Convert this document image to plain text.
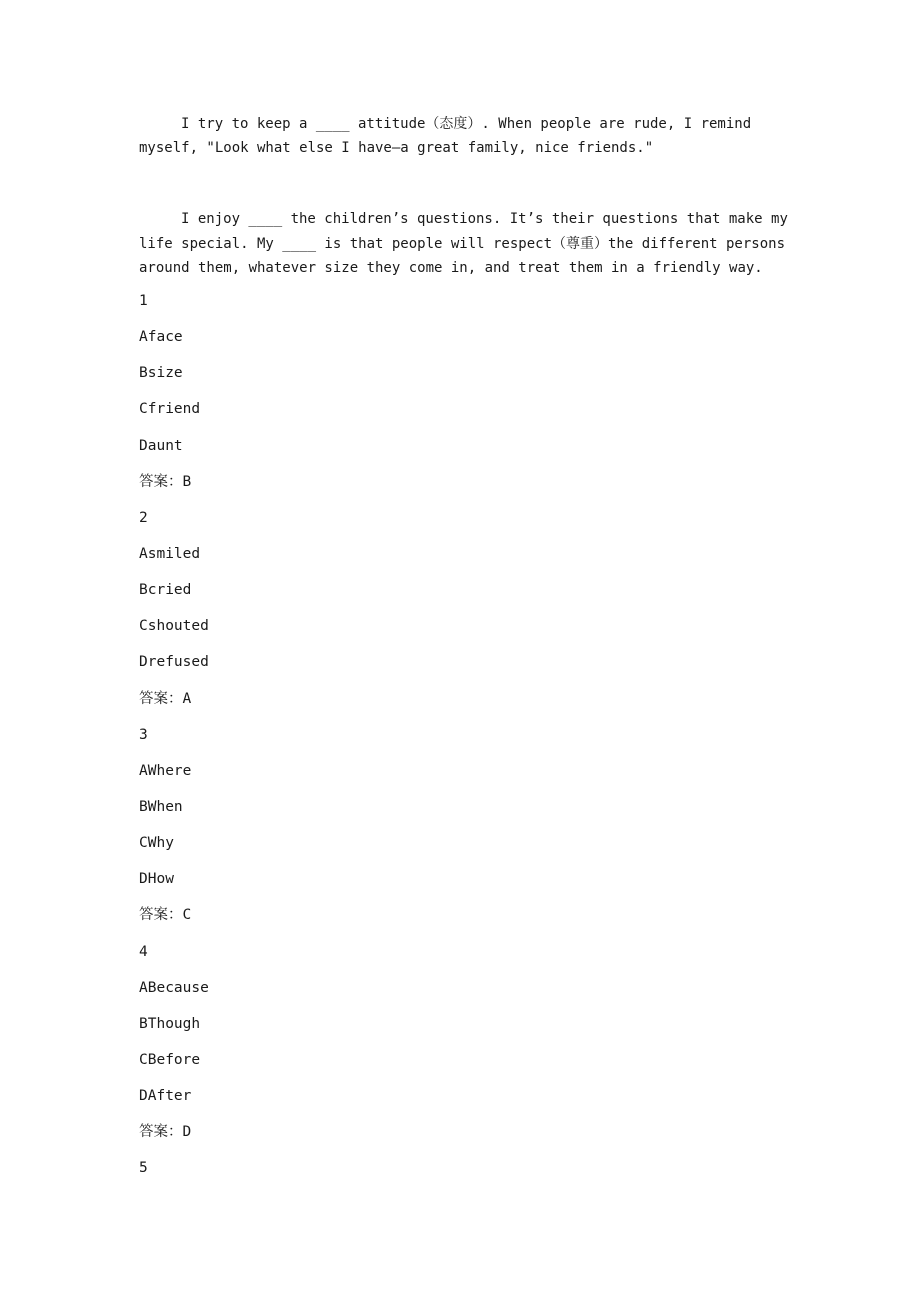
I try to keep a ____ attitude（态度）. When people are rude, I remind myself, "Look what else I have—a great family, nice friends."

I enjoy ____ the children’s questions. It’s their questions that make my life special. My ____ is that people will respect（尊重）the different persons around them, whatever size they come in, and treat them in a friendly way.

1
Aface
Bsize
Cfriend
Daunt
答案：B
2
Asmiled
Bcried
Cshouted
Drefused
答案：A
3
AWhere
BWhen
CWhy
DHow
答案：C
4
ABecause
BThough
CBefore
DAfter
答案：D
5
